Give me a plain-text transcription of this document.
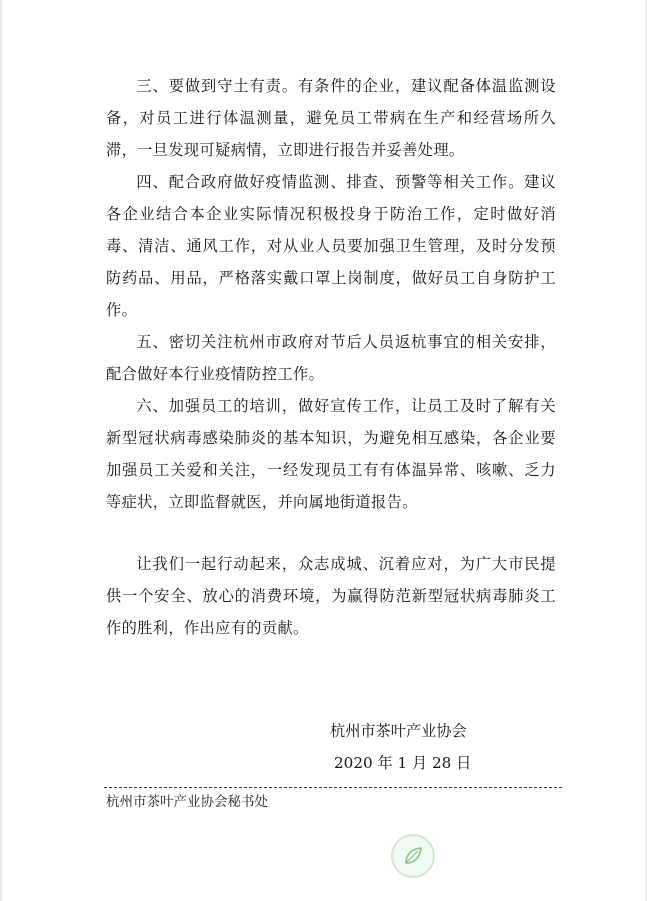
三、要做到守土有责。有条件的企业，建议配备体温监测设备，对员工进行体温测量，避免员工带病在生产和经营场所久滞，一旦发现可疑病情，立即进行报告并妥善处理。

四、配合政府做好疫情监测、排查、预警等相关工作。建议各企业结合本企业实际情况积极投身于防治工作，定时做好消毒、清洁、通风工作，对从业人员要加强卫生管理，及时分发预防药品、用品，严格落实戴口罩上岗制度，做好员工自身防护工作。

五、密切关注杭州市政府对节后人员返杭事宜的相关安排，配合做好本行业疫情防控工作。

六、加强员工的培训，做好宣传工作，让员工及时了解有关新型冠状病毒感染肺炎的基本知识，为避免相互感染，各企业要加强员工关爱和关注，一经发现员工有有体温异常、咳嗽、乏力等症状，立即监督就医，并向属地街道报告。

让我们一起行动起来，众志成城、沉着应对，为广大市民提供一个安全、放心的消费环境，为赢得防范新型冠状病毒肺炎工作的胜利，作出应有的贡献。

杭州市茶叶产业协会
2020 年 1 月 28 日
杭州市茶叶产业协会秘书处
